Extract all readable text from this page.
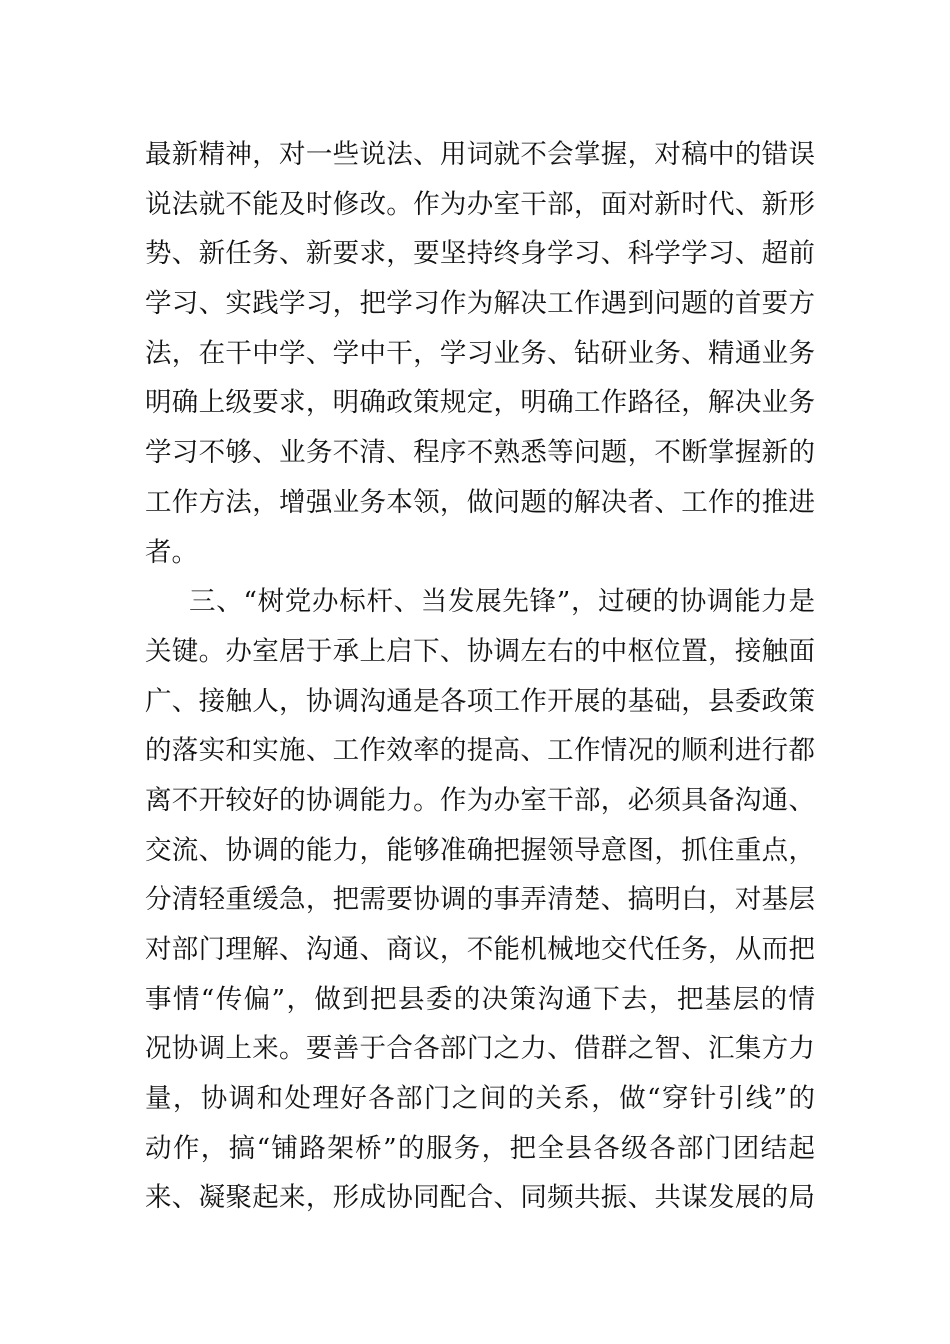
最新精神，对一些说法、用词就不会掌握，对稿中的错误
说法就不能及时修改。作为办室干部，面对新时代、新形
势、新任务、新要求，要坚持终身学习、科学学习、超前
学习、实践学习，把学习作为解决工作遇到问题的首要方
法，在干中学、学中干，学习业务、钻研业务、精通业务
明确上级要求，明确政策规定，明确工作路径，解决业务
学习不够、业务不清、程序不熟悉等问题，不断掌握新的
工作方法，增强业务本领，做问题的解决者、工作的推进
者。
三、“树党办标杆、当发展先锋”，过硬的协调能力是
关键。办室居于承上启下、协调左右的中枢位置，接触面
广、接触人，协调沟通是各项工作开展的基础，县委政策
的落实和实施、工作效率的提高、工作情况的顺利进行都
离不开较好的协调能力。作为办室干部，必须具备沟通、
交流、协调的能力，能够准确把握领导意图，抓住重点，
分清轻重缓急，把需要协调的事弄清楚、搞明白，对基层
对部门理解、沟通、商议，不能机械地交代任务，从而把
事情“传偏”，做到把县委的决策沟通下去，把基层的情
况协调上来。要善于合各部门之力、借群之智、汇集方力
量，协调和处理好各部门之间的关系，做“穿针引线”的
动作，搞“铺路架桥”的服务，把全县各级各部门团结起
来、凝聚起来，形成协同配合、同频共振、共谋发展的局
